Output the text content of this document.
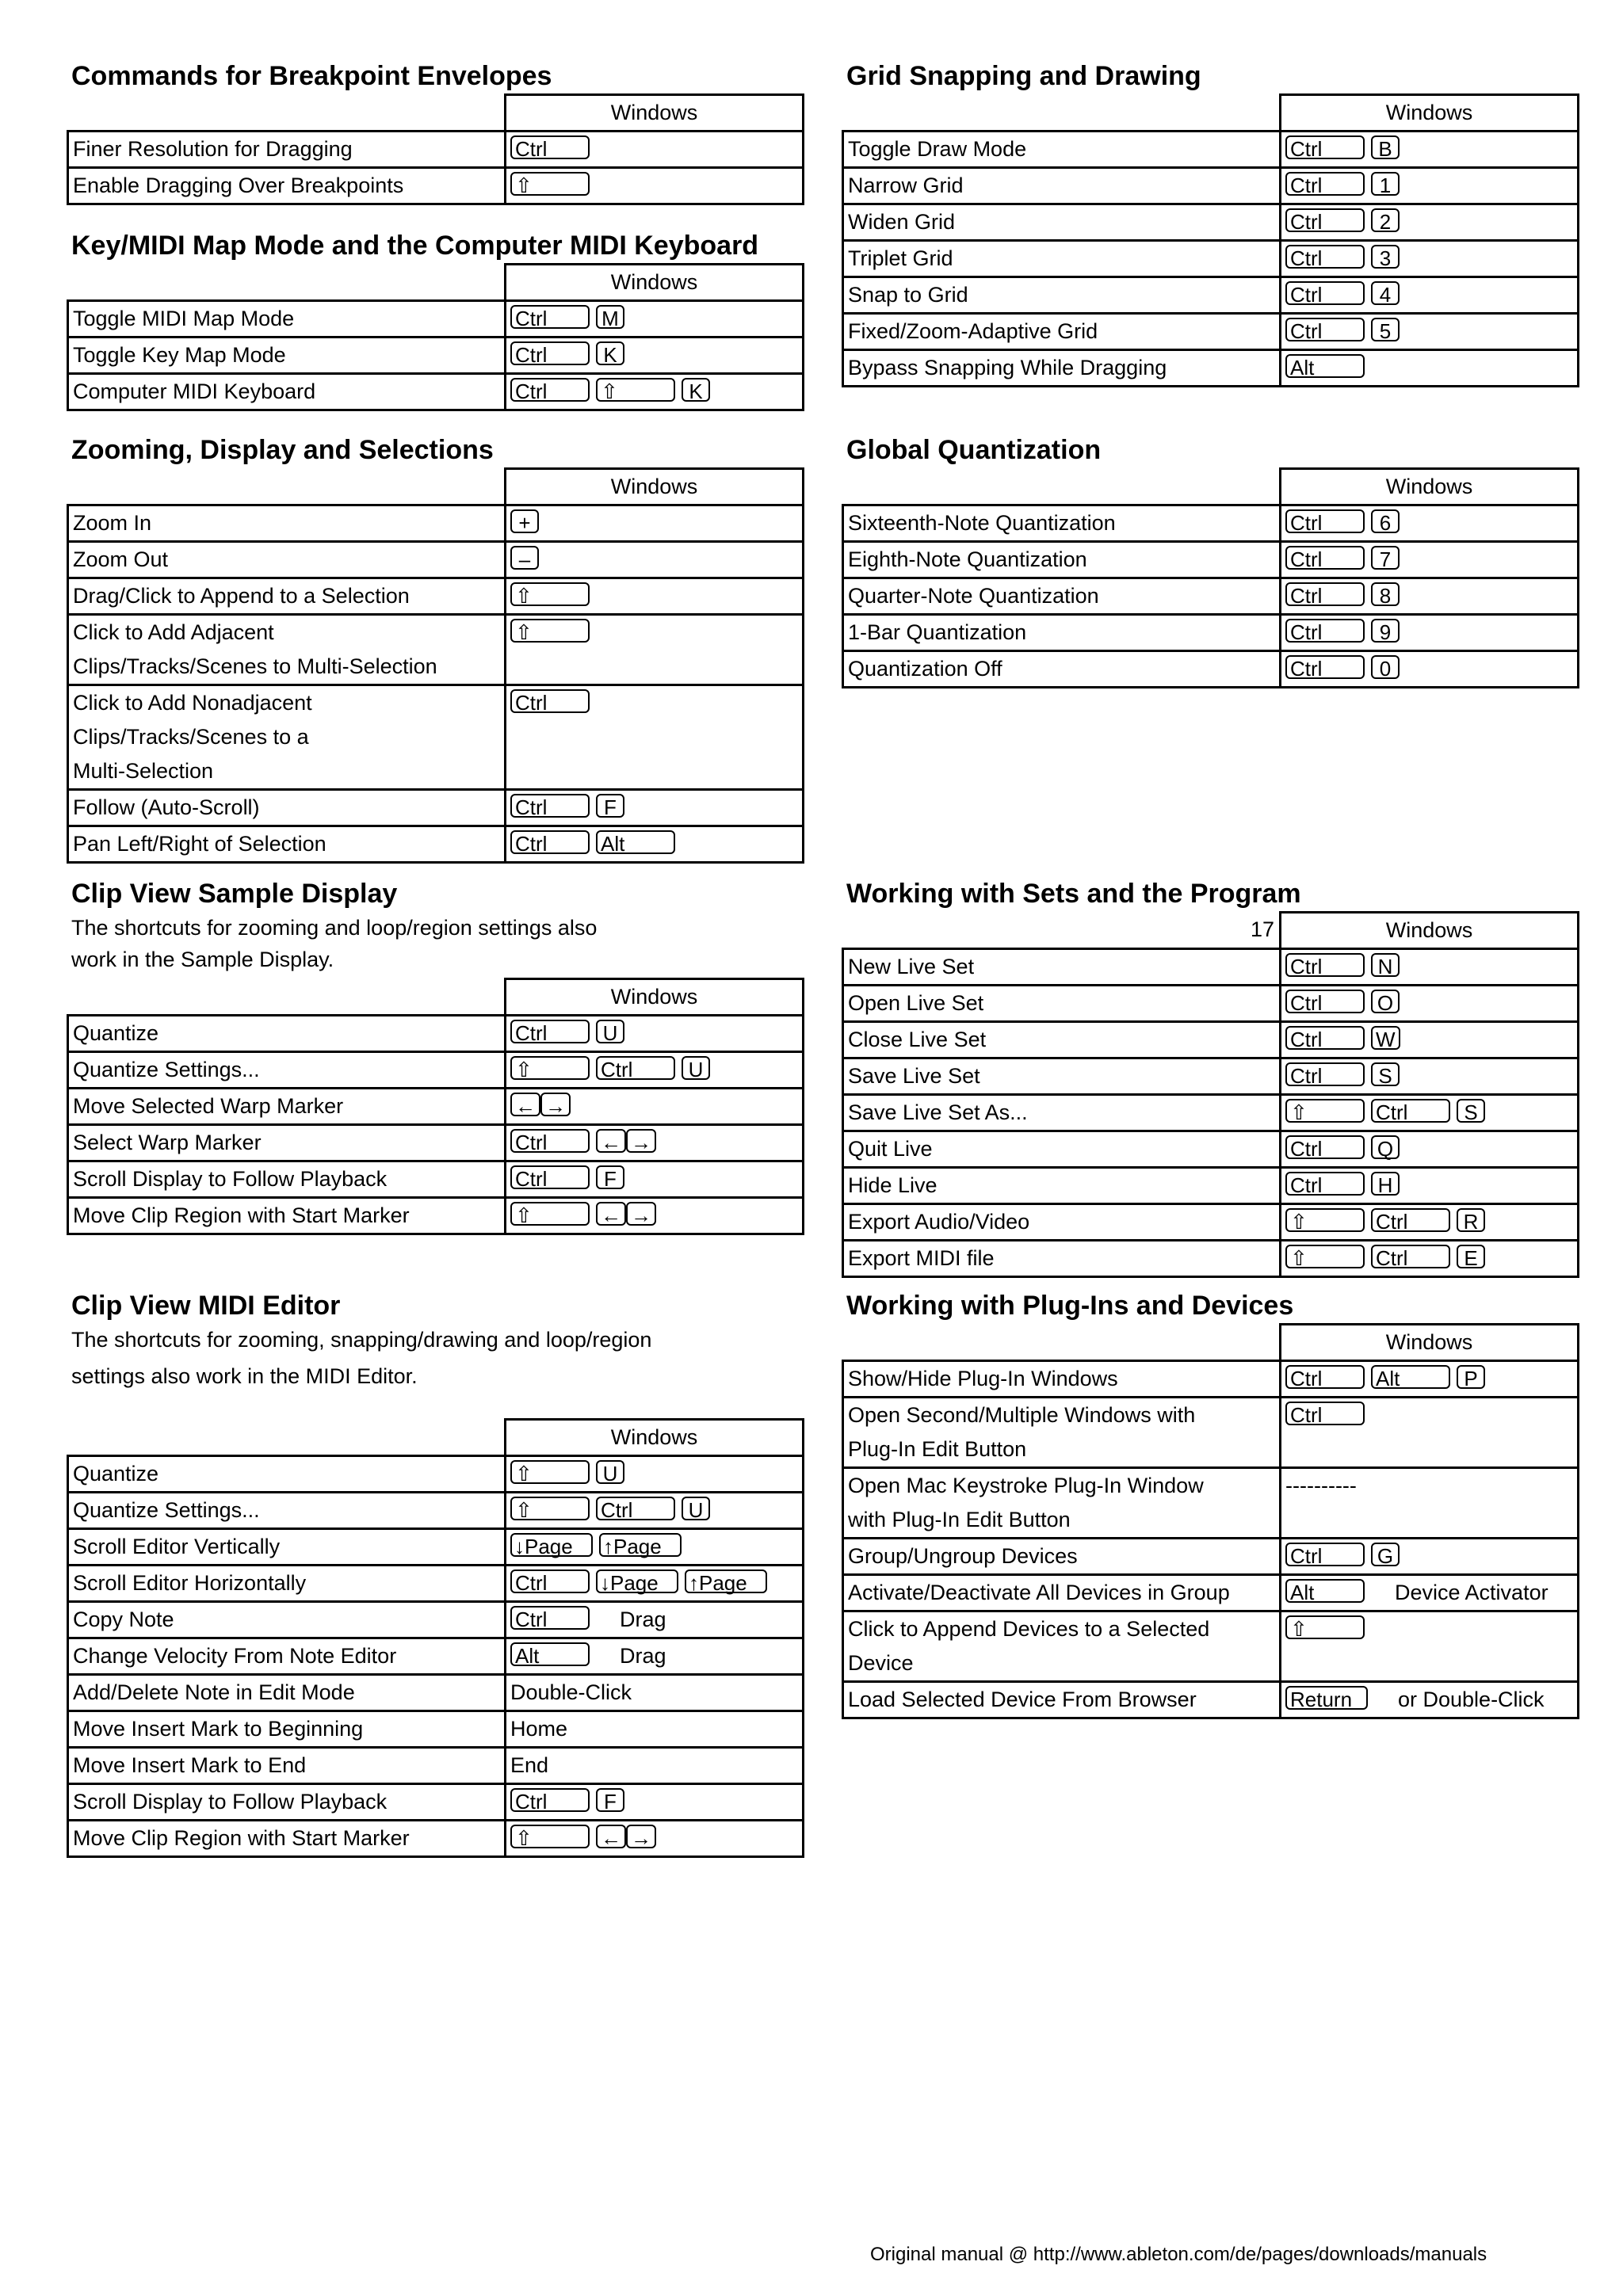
Commands for Breakpoint Envelopes
	Windows
Finer Resolution for Dragging	Ctrl
Enable Dragging Over Breakpoints	⇧
Key/MIDI Map Mode and the Computer MIDI Keyboard
	Windows
Toggle MIDI Map Mode	Ctrl M
Toggle Key Map Mode	Ctrl K
Computer MIDI Keyboard	Ctrl ⇧ K
Zooming, Display and Selections
	Windows
Zoom In	+
Zoom Out	–
Drag/Click to Append to a Selection	⇧
Click to Add Adjacent
Clips/Tracks/Scenes to Multi-Selection	⇧
Click to Add Nonadjacent
Clips/Tracks/Scenes to a
Multi-Selection	Ctrl
Follow (Auto-Scroll)	Ctrl F
Pan Left/Right of Selection	Ctrl Alt
Clip View Sample Display
The shortcuts for zooming and loop/region settings also
work in the Sample Display.
	Windows
Quantize	Ctrl U
Quantize Settings...	⇧ Ctrl U
Move Selected Warp Marker	← →
Select Warp Marker	Ctrl ← →
Scroll Display to Follow Playback	Ctrl F
Move Clip Region with Start Marker	⇧ ← →
Clip View MIDI Editor
The shortcuts for zooming, snapping/drawing and loop/region
settings also work in the MIDI Editor.
	Windows
Quantize	⇧ U
Quantize Settings...	⇧ Ctrl U
Scroll Editor Vertically	↓Page ↑Page
Scroll Editor Horizontally	Ctrl ↓Page ↑Page
Copy Note	Ctrl Drag
Change Velocity From Note Editor	Alt Drag
Add/Delete Note in Edit Mode	Double-Click
Move Insert Mark to Beginning	Home
Move Insert Mark to End	End
Scroll Display to Follow Playback	Ctrl F
Move Clip Region with Start Marker	⇧ ← →
Grid Snapping and Drawing
	Windows
Toggle Draw Mode	Ctrl B
Narrow Grid	Ctrl 1
Widen Grid	Ctrl 2
Triplet Grid	Ctrl 3
Snap to Grid	Ctrl 4
Fixed/Zoom-Adaptive Grid	Ctrl 5
Bypass Snapping While Dragging	Alt
Global Quantization
	Windows
Sixteenth-Note Quantization	Ctrl 6
Eighth-Note Quantization	Ctrl 7
Quarter-Note Quantization	Ctrl 8
1-Bar Quantization	Ctrl 9
Quantization Off	Ctrl 0
Working with Sets and the Program
17	Windows
New Live Set	Ctrl N
Open Live Set	Ctrl O
Close Live Set	Ctrl W
Save Live Set	Ctrl S
Save Live Set As...	⇧ Ctrl S
Quit Live	Ctrl Q
Hide Live	Ctrl H
Export Audio/Video	⇧ Ctrl R
Export MIDI file	⇧ Ctrl E
Working with Plug-Ins and Devices
	Windows
Show/Hide Plug-In Windows	Ctrl Alt P
Open Second/Multiple Windows with
Plug-In Edit Button	Ctrl
Open Mac Keystroke Plug-In Window
with Plug-In Edit Button	----------
Group/Ungroup Devices	Ctrl G
Activate/Deactivate All Devices in Group	Alt Device Activator
Click to Append Devices to a Selected
Device	⇧
Load Selected Device From Browser	Return or Double-Click
Original manual @ http://www.ableton.com/de/pages/downloads/manuals
